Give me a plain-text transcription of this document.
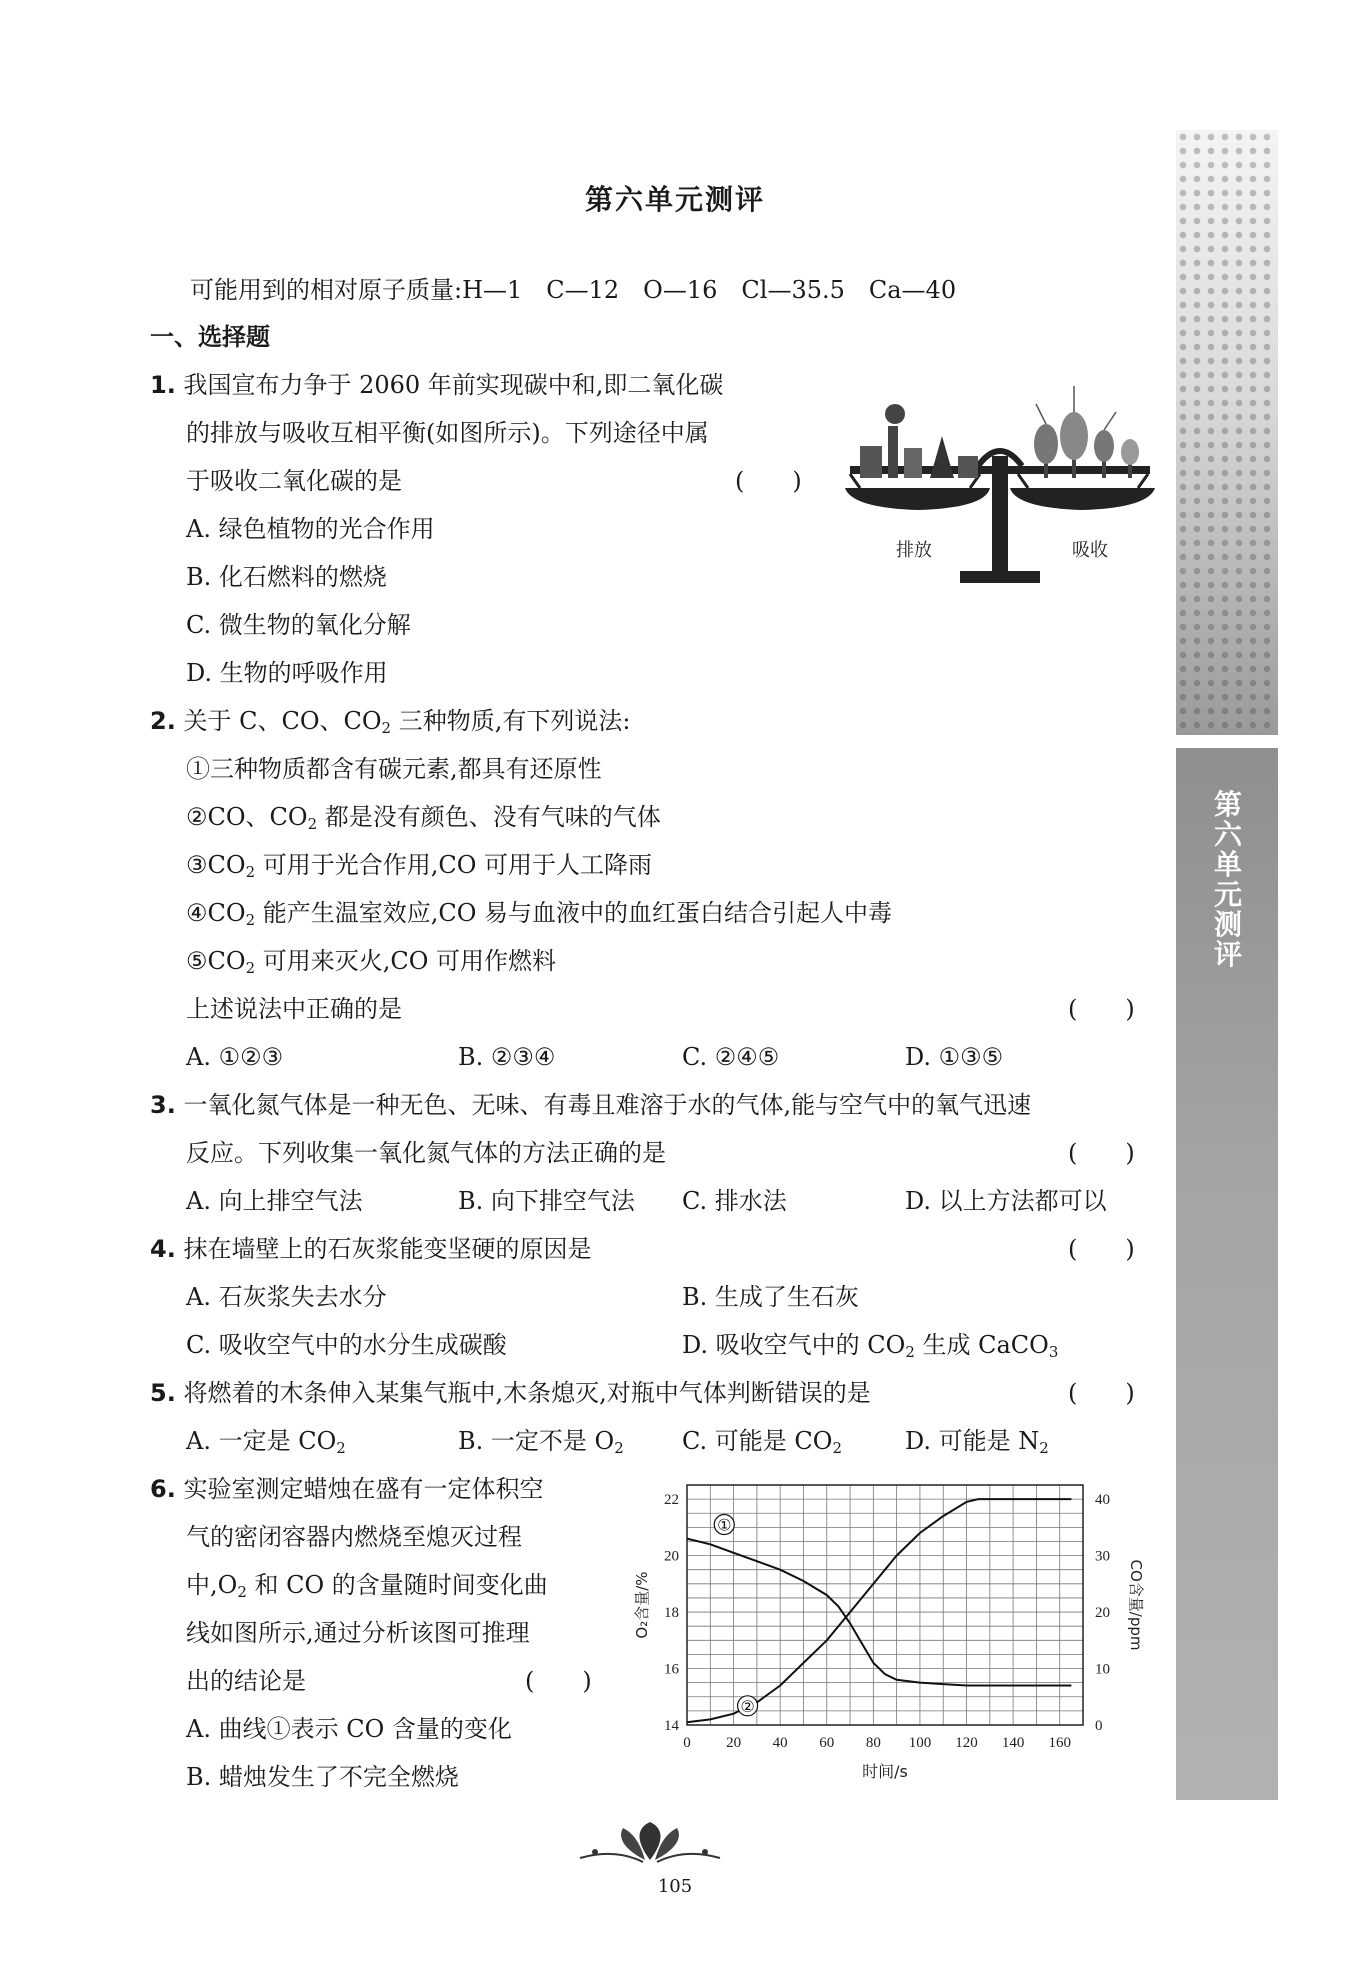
第六单元测评
第六单元测评
可能用到的相对原子质量:H—1　C—12　O—16　Cl—35.5　Ca—40
一、选择题
1. 我国宣布力争于 2060 年前实现碳中和,即二氧化碳
的排放与吸收互相平衡(如图所示)。下列途径中属
于吸收二氧化碳的是	(　　)
A. 绿色植物的光合作用
B. 化石燃料的燃烧
C. 微生物的氧化分解
D. 生物的呼吸作用
排放	吸收
2. 关于 C、CO、$CO_2$ 三种物质,有下列说法:
①三种物质都含有碳元素,都具有还原性
②CO、$CO_2$ 都是没有颜色、没有气味的气体
$③CO_2$ 可用于光合作用,CO 可用于人工降雨
$④CO_2$ 能产生温室效应,CO 易与血液中的血红蛋白结合引起人中毒
$⑤CO_2$ 可用来灭火,CO 可用作燃料
上述说法中正确的是	(　　)
A. ①②③	B. ②③④	C. ②④⑤	D. ①③⑤
3. 一氧化氮气体是一种无色、无味、有毒且难溶于水的气体,能与空气中的氧气迅速
反应。下列收集一氧化氮气体的方法正确的是	(　　)
A. 向上排空气法	B. 向下排空气法 C. 排水法	D. 以上方法都可以
4. 抹在墙壁上的石灰浆能变坚硬的原因是	(　　)
A. 石灰浆失去水分	B. 生成了生石灰
C. 吸收空气中的水分生成碳酸	D. 吸收空气中的 $CO_2$ 生成 CaCO$_3$
5. 将燃着的木条伸入某集气瓶中,木条熄灭,对瓶中气体判断错误的是	(　　)
A. 一定是 $CO_2$	B. 一定不是 $O_2$ C. 可能是 $CO_2$	D. 可能是 $N_2$
6. 实验室测定蜡烛在盛有一定体积空
气的密闭容器内燃烧至熄灭过程
中$,O_2$ 和 CO 的含量随时间变化曲
线如图所示,通过分析该图可推理
出的结论是	(　　)
A. 曲线①表示 CO 含量的变化
B. 蜡烛发生了不完全燃烧
0 20 40 60 80 100 120 140 160
14
16
18
20
22
0
10
20
30
40
时间/s
O₂含量/%	CO含量/ppm
①
②
105
